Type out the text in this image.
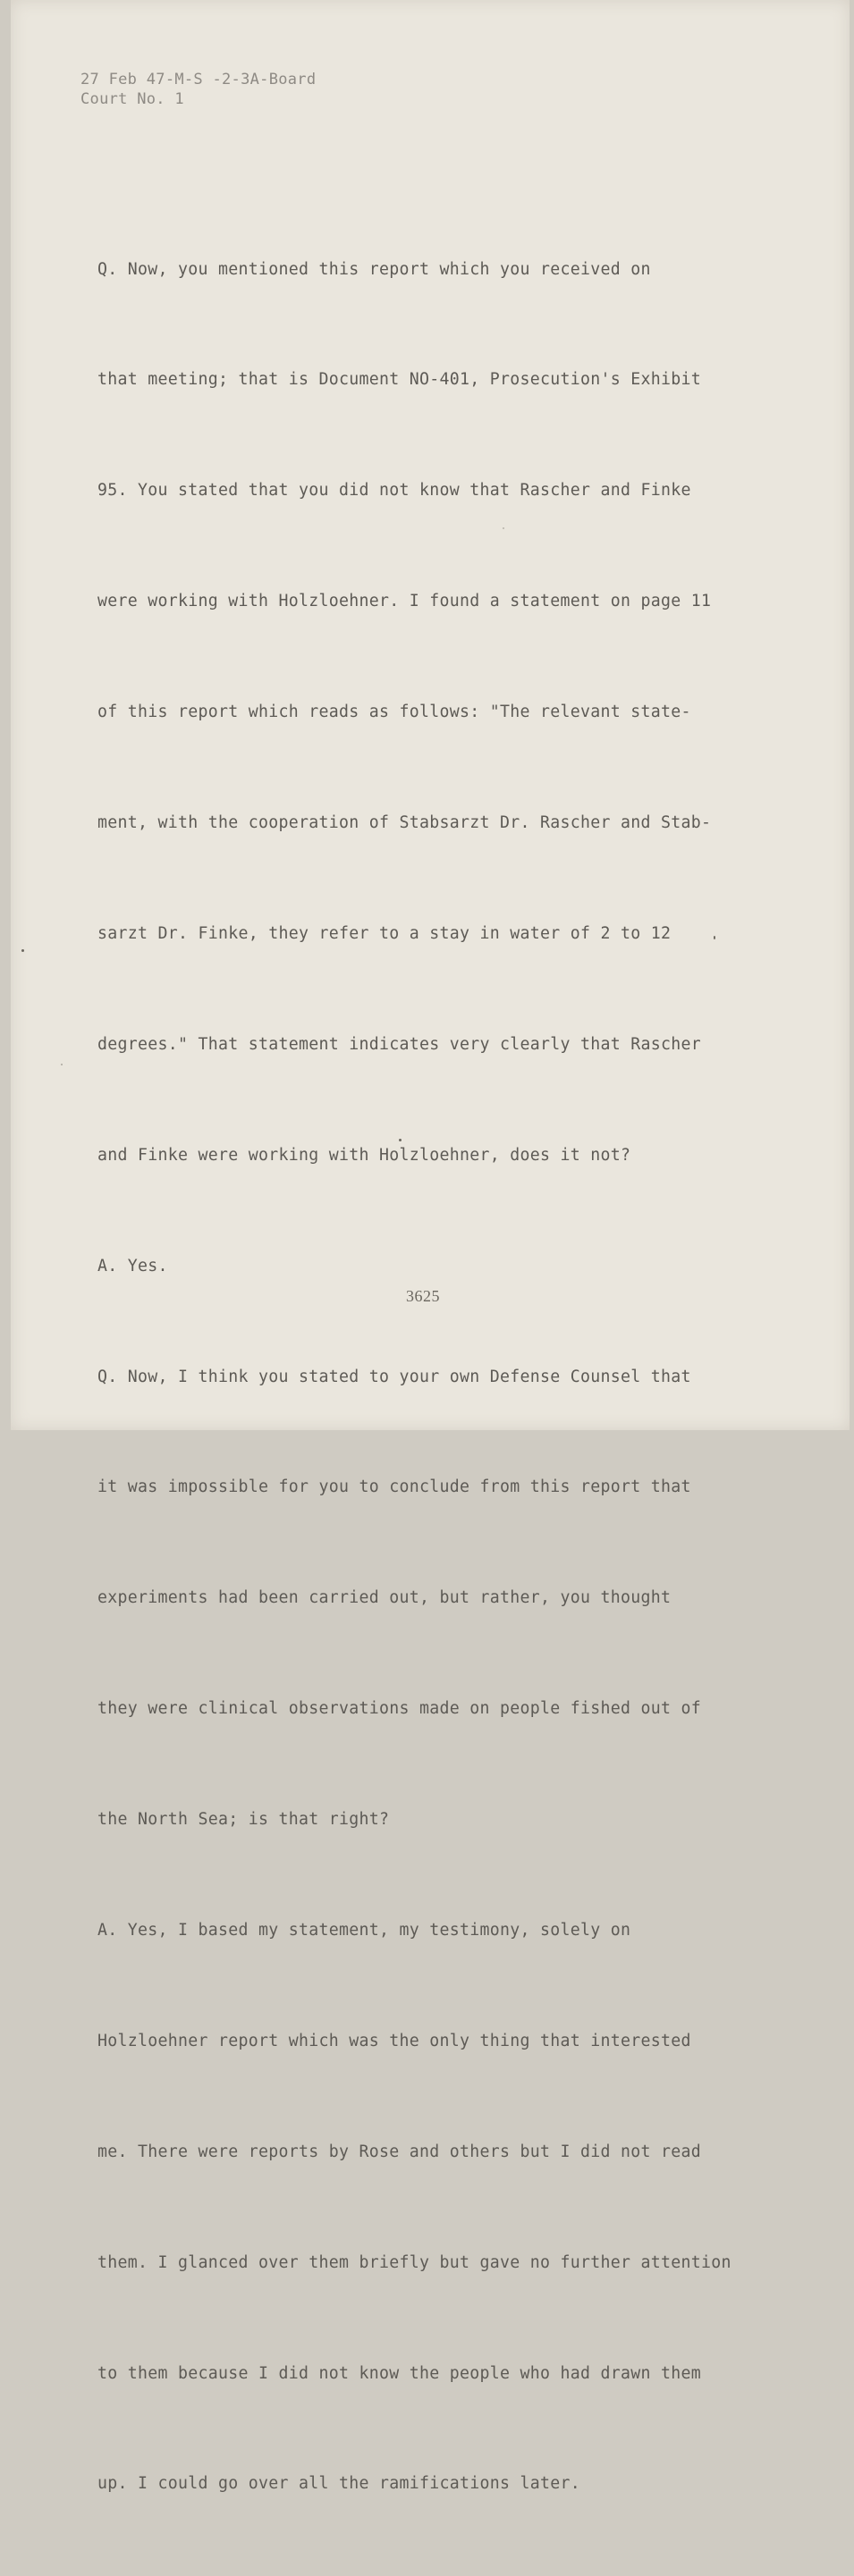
27 Feb 47-M-S -2-3A-Board
Court No. 1

Q. Now, you mentioned this report which you received on

that meeting; that is Document NO-401, Prosecution's Exhibit

95. You stated that you did not know that Rascher and Finke

were working with Holzloehner. I found a statement on page 11

of this report which reads as follows: "The relevant state-

ment, with the cooperation of Stabsarzt Dr. Rascher and Stab-

sarzt Dr. Finke, they refer to a stay in water of 2 to 12

degrees." That statement indicates very clearly that Rascher

and Finke were working with Holzloehner, does it not?

A. Yes.

Q. Now, I think you stated to your own Defense Counsel that

it was impossible for you to conclude from this report that

experiments had been carried out, but rather, you thought

they were clinical observations made on people fished out of

the North Sea; is that right?

A. Yes, I based my statement, my testimony, solely on

Holzloehner report which was the only thing that interested

me. There were reports by Rose and others but I did not read

them. I glanced over them briefly but gave no further attention

to them because I did not know the people who had drawn them

up. I could go over all the ramifications later.

3625
